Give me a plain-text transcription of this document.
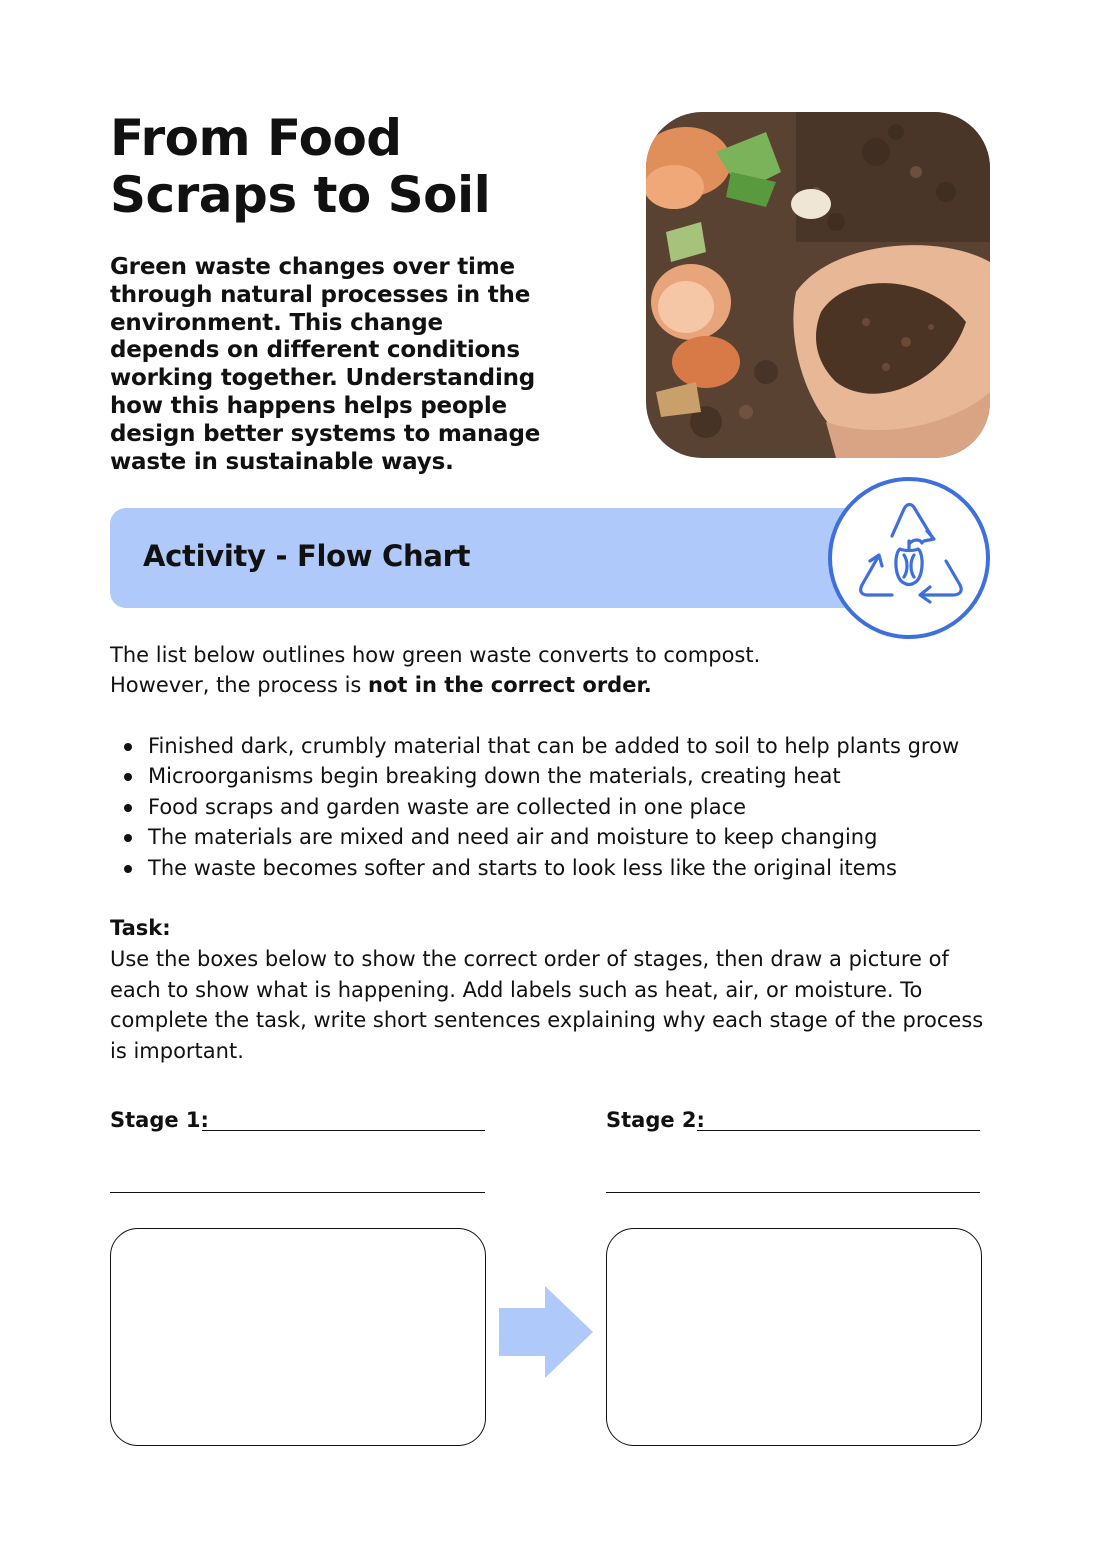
From Food Scraps to Soil

Green waste changes over time through natural processes in the environment. This change depends on different conditions working together. Understanding how this happens helps people design better systems to manage waste in sustainable ways.

Activity - Flow Chart
The list below outlines how green waste converts to compost.
However, the process is not in the correct order.
Finished dark, crumbly material that can be added to soil to help plants grow
Microorganisms begin breaking down the materials, creating heat
Food scraps and garden waste are collected in one place
The materials are mixed and need air and moisture to keep changing
The waste becomes softer and starts to look less like the original items
Task:

Use the boxes below to show the correct order of stages, then draw a picture of each to show what is happening. Add labels such as heat, air, or moisture. To complete the task, write short sentences explaining why each stage of the process is important.

Stage 1:	Stage 2:
